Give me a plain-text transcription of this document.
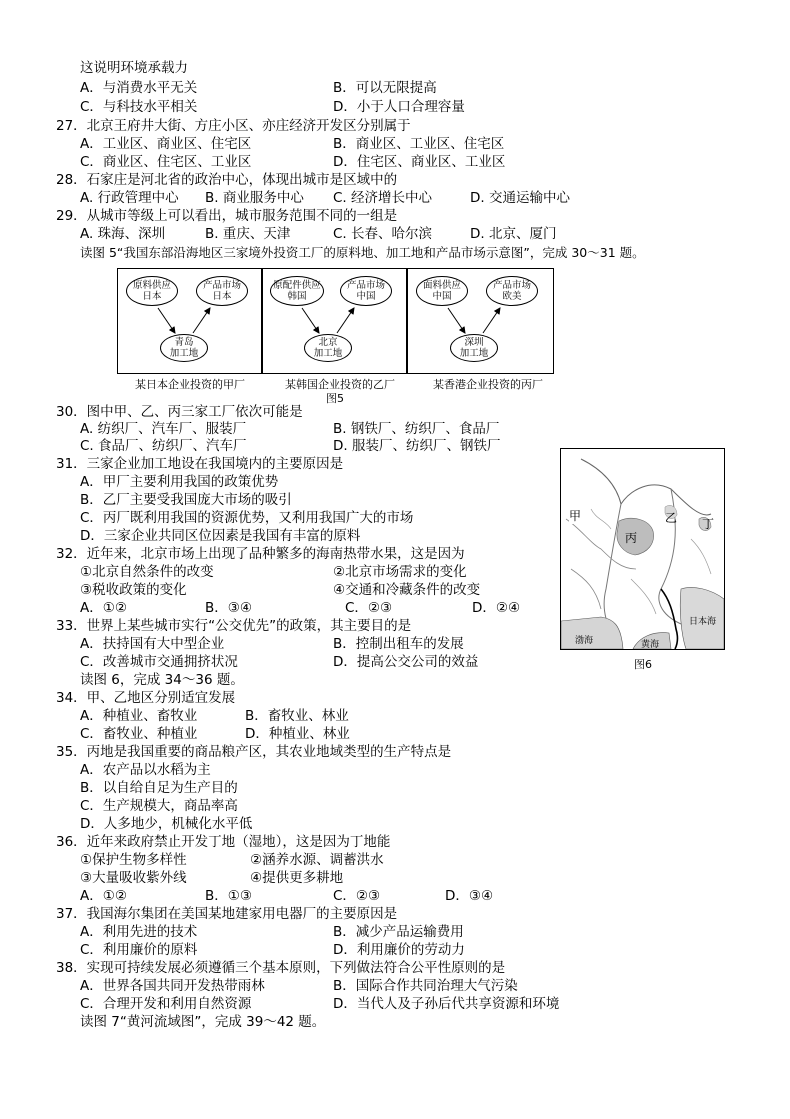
这说明环境承载力
A．与消费水平无关	B．可以无限提高
C．与科技水平相关	D．小于人口合理容量
27．北京王府井大街、方庄小区、亦庄经济开发区分别属于
A．工业区、商业区、住宅区	B．商业区、工业区、住宅区
C．商业区、住宅区、工业区	D．住宅区、商业区、工业区
28．石家庄是河北省的政治中心，体现出城市是区域中的
A. 行政管理中心 B. 商业服务中心 C. 经济增长中心	D. 交通运输中心
29．从城市等级上可以看出，城市服务范围不同的一组是
A. 珠海、深圳	B. 重庆、天津	C. 长春、哈尔滨	D. 北京、厦门
读图 5“我国东部沿海地区三家境外投资工厂的原料地、加工地和产品市场示意图”，完成 30～31 题。
原料供应
日本
产品市场
日本
青岛
加工地
原配件供应
韩国
产品市场
中国
北京
加工地
面料供应
中国
产品市场
欧美
深圳
加工地
某日本企业投资的甲厂	某韩国企业投资的乙厂	某香港企业投资的丙厂
图5
30．图中甲、乙、丙三家工厂依次可能是
A. 纺织厂、汽车厂、服装厂	B. 钢铁厂、纺织厂、食品厂
C. 食品厂、纺织厂、汽车厂	D. 服装厂、纺织厂、钢铁厂
31．三家企业加工地设在我国境内的主要原因是
A．甲厂主要利用我国的政策优势
B．乙厂主要受我国庞大市场的吸引
C．丙厂既利用我国的资源优势，又利用我国广大的市场
D．三家企业共同区位因素是我国有丰富的原料
32．近年来，北京市场上出现了品种繁多的海南热带水果，这是因为
①北京自然条件的改变	②北京市场需求的变化
③税收政策的变化	④交通和冷藏条件的改变
A．①②	B．③④	C．②③	D．②④
33．世界上某些城市实行“公交优先”的政策，其主要目的是
A．扶持国有大中型企业	B．控制出租车的发展
C．改善城市交通拥挤状况	D．提高公交公司的效益
读图 6，完成 34～36 题。
34．甲、乙地区分别适宜发展
A．种植业、畜牧业	B．畜牧业、林业
C．畜牧业、种植业	D．种植业、林业
35．丙地是我国重要的商品粮产区，其农业地域类型的生产特点是
A．农产品以水稻为主
B．以自给自足为生产目的
C．生产规模大，商品率高
D．人多地少，机械化水平低
36．近年来政府禁止开发丁地（湿地），这是因为丁地能
①保护生物多样性	②涵养水源、调蓄洪水
③大量吸收紫外线	④提供更多耕地
A．①②	B．①③	C．②③	D．③④
37．我国海尔集团在美国某地建家用电器厂的主要原因是
A．利用先进的技术	B．减少产品运输费用
C．利用廉价的原料	D．利用廉价的劳动力
38．实现可持续发展必须遵循三个基本原则，下列做法符合公平性原则的是
A．世界各国共同开发热带雨林	B．国际合作共同治理大气污染
C．合理开发和利用自然资源	D．当代人及子孙后代共享资源和环境
读图 7“黄河流域图”，完成 39～42 题。
甲	乙
丙
丁
渤海	黄海
日本海
图6
